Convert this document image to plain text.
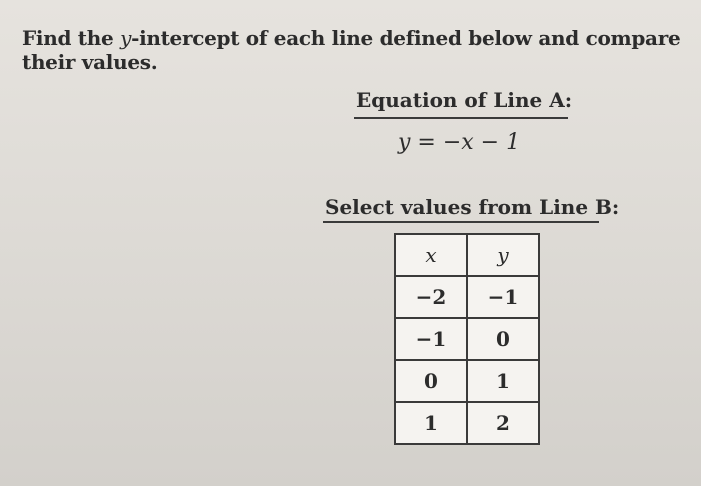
Find the y-intercept of each line defined below and compare their values.
Equation of Line A:
y = −x − 1
Select values from Line B:
x	y
−2	−1
−1	0
0	1
1	2
